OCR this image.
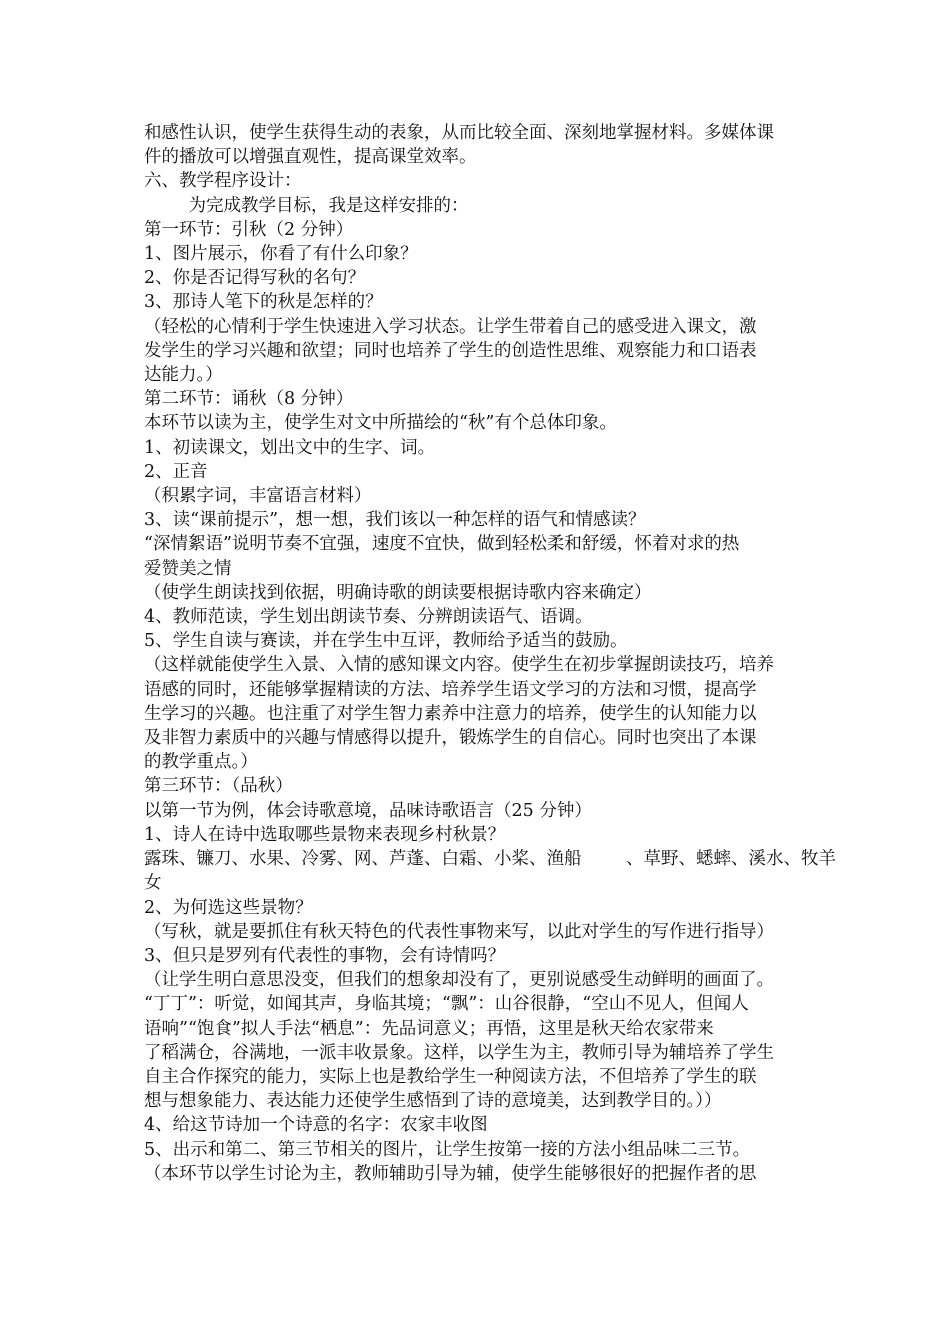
和感性认识，使学生获得生动的表象，从而比较全面、深刻地掌握材料。多媒体课
件的播放可以增强直观性，提高课堂效率。
六、教学程序设计：
为完成教学目标，我是这样安排的：
第一环节：引秋（2 分钟）
1、图片展示，你看了有什么印象？
2、你是否记得写秋的名句？
3、那诗人笔下的秋是怎样的？
（轻松的心情利于学生快速进入学习状态。让学生带着自己的感受进入课文，激
发学生的学习兴趣和欲望；同时也培养了学生的创造性思维、观察能力和口语表
达能力。）
第二环节：诵秋（8 分钟）
本环节以读为主，使学生对文中所描绘的“秋”有个总体印象。
1、初读课文，划出文中的生字、词。
2、正音
（积累字词，丰富语言材料）
3、读“课前提示”，想一想，我们该以一种怎样的语气和情感读？
“深情絮语”说明节奏不宜强，速度不宜快，做到轻松柔和舒缓，怀着对求的热
爱赞美之情
（使学生朗读找到依据，明确诗歌的朗读要根据诗歌内容来确定）
4、教师范读，学生划出朗读节奏、分辨朗读语气、语调。
5、学生自读与赛读，并在学生中互评，教师给予适当的鼓励。
（这样就能使学生入景、入情的感知课文内容。使学生在初步掌握朗读技巧，培养
语感的同时，还能够掌握精读的方法、培养学生语文学习的方法和习惯，提高学
生学习的兴趣。也注重了对学生智力素养中注意力的培养，使学生的认知能力以
及非智力素质中的兴趣与情感得以提升，锻炼学生的自信心。同时也突出了本课
的教学重点。）
第三环节：（品秋）
以第一节为例，体会诗歌意境，品味诗歌语言（25 分钟）
1、诗人在诗中选取哪些景物来表现乡村秋景？
露珠、镰刀、水果、冷雾、网、芦蓬、白霜、小桨、渔船        、草野、蟋蟀、溪水、牧羊
女
2、为何选这些景物？
（写秋，就是要抓住有秋天特色的代表性事物来写，以此对学生的写作进行指导）
3、但只是罗列有代表性的事物，会有诗情吗？
（让学生明白意思没变，但我们的想象却没有了，更别说感受生动鲜明的画面了。
“丁丁”：听觉，如闻其声，身临其境；“飘”：山谷很静，“空山不见人，但闻人
语响”“饱食”拟人手法“栖息”：先品词意义；再悟，这里是秋天给农家带来
了稻满仓，谷满地，一派丰收景象。这样，以学生为主，教师引导为辅培养了学生
自主合作探究的能力，实际上也是教给学生一种阅读方法，不但培养了学生的联
想与想象能力、表达能力还使学生感悟到了诗的意境美，达到教学目的。））
4、给这节诗加一个诗意的名字：农家丰收图
5、出示和第二、第三节相关的图片，让学生按第一接的方法小组品味二三节。
（本环节以学生讨论为主，教师辅助引导为辅，使学生能够很好的把握作者的思
